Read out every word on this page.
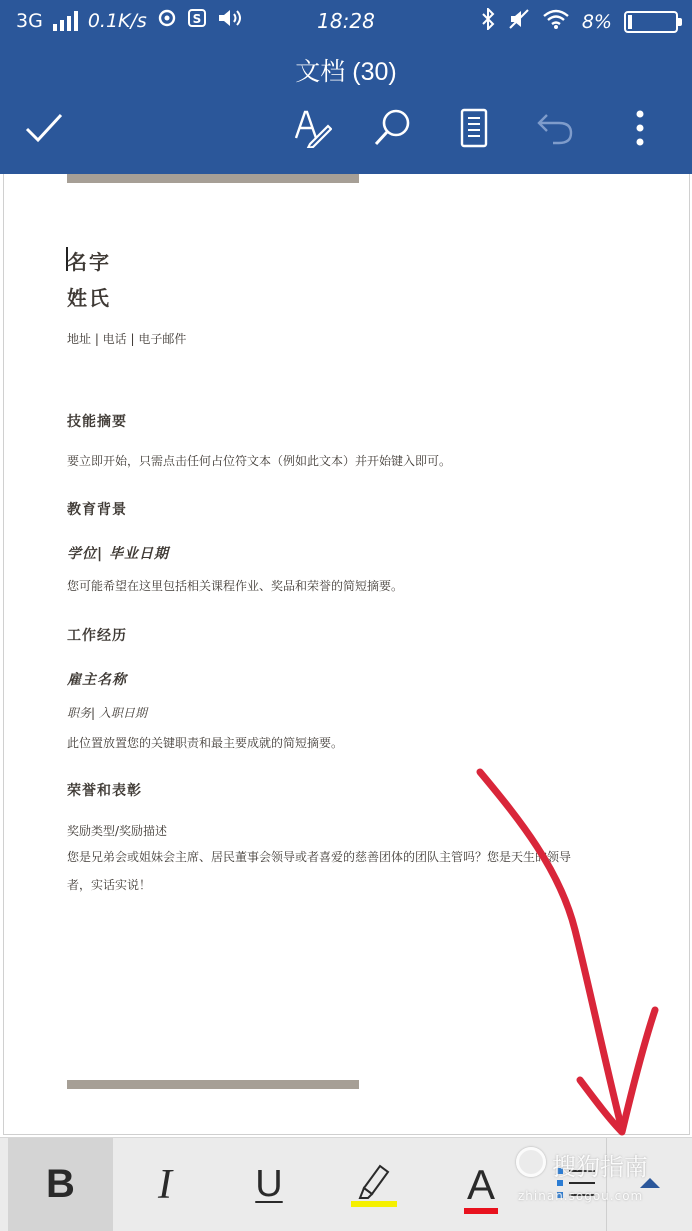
3G 0.1K/s	S	18:28	8%
文档 (30)
名字
姓氏
地址 | 电话 | 电子邮件
技能摘要
要立即开始，只需点击任何占位符文本（例如此文本）并开始键入即可。
教育背景
学位| 毕业日期
您可能希望在这里包括相关课程作业、奖品和荣誉的简短摘要。
工作经历
雇主名称
职务| 入职日期
此位置放置您的关键职责和最主要成就的简短摘要。
荣誉和表彰
奖励类型/奖励描述
您是兄弟会或姐妹会主席、居民董事会领导或者喜爱的慈善团体的团队主管吗？您是天生的领导
者，实话实说！
B I U	A 搜狗指南
zhinan.sogou.com
